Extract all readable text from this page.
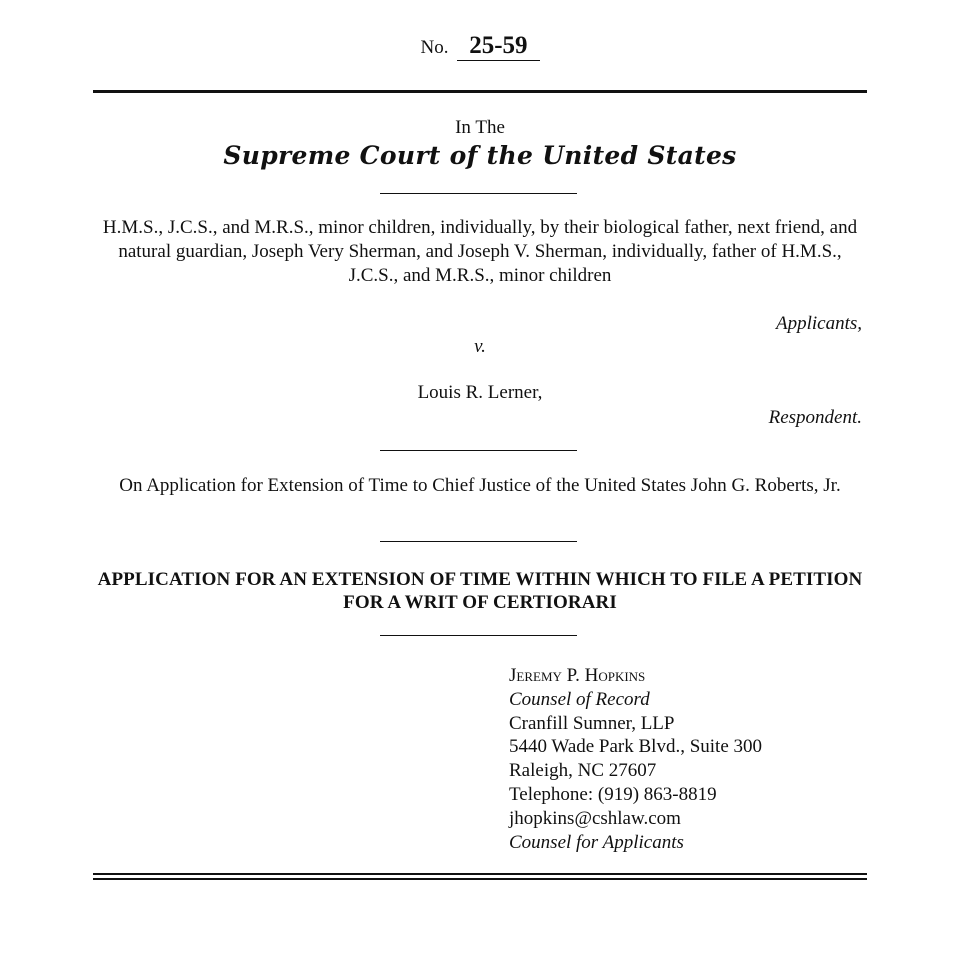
No. 25-59
In The
Supreme Court of the United States
H.M.S., J.C.S., and M.R.S., minor children, individually, by their biological father, next friend, and natural guardian, Joseph Very Sherman, and Joseph V. Sherman, individually, father of H.M.S., J.C.S., and M.R.S., minor children
Applicants,
v.
Louis R. Lerner,
Respondent.
On Application for Extension of Time to Chief Justice of the United States John G. Roberts, Jr.
APPLICATION FOR AN EXTENSION OF TIME WITHIN WHICH TO FILE A PETITION FOR A WRIT OF CERTIORARI
Jeremy P. Hopkins
Counsel of Record
Cranfill Sumner, LLP
5440 Wade Park Blvd., Suite 300
Raleigh, NC 27607
Telephone: (919) 863-8819
jhopkins@cshlaw.com
Counsel for Applicants
